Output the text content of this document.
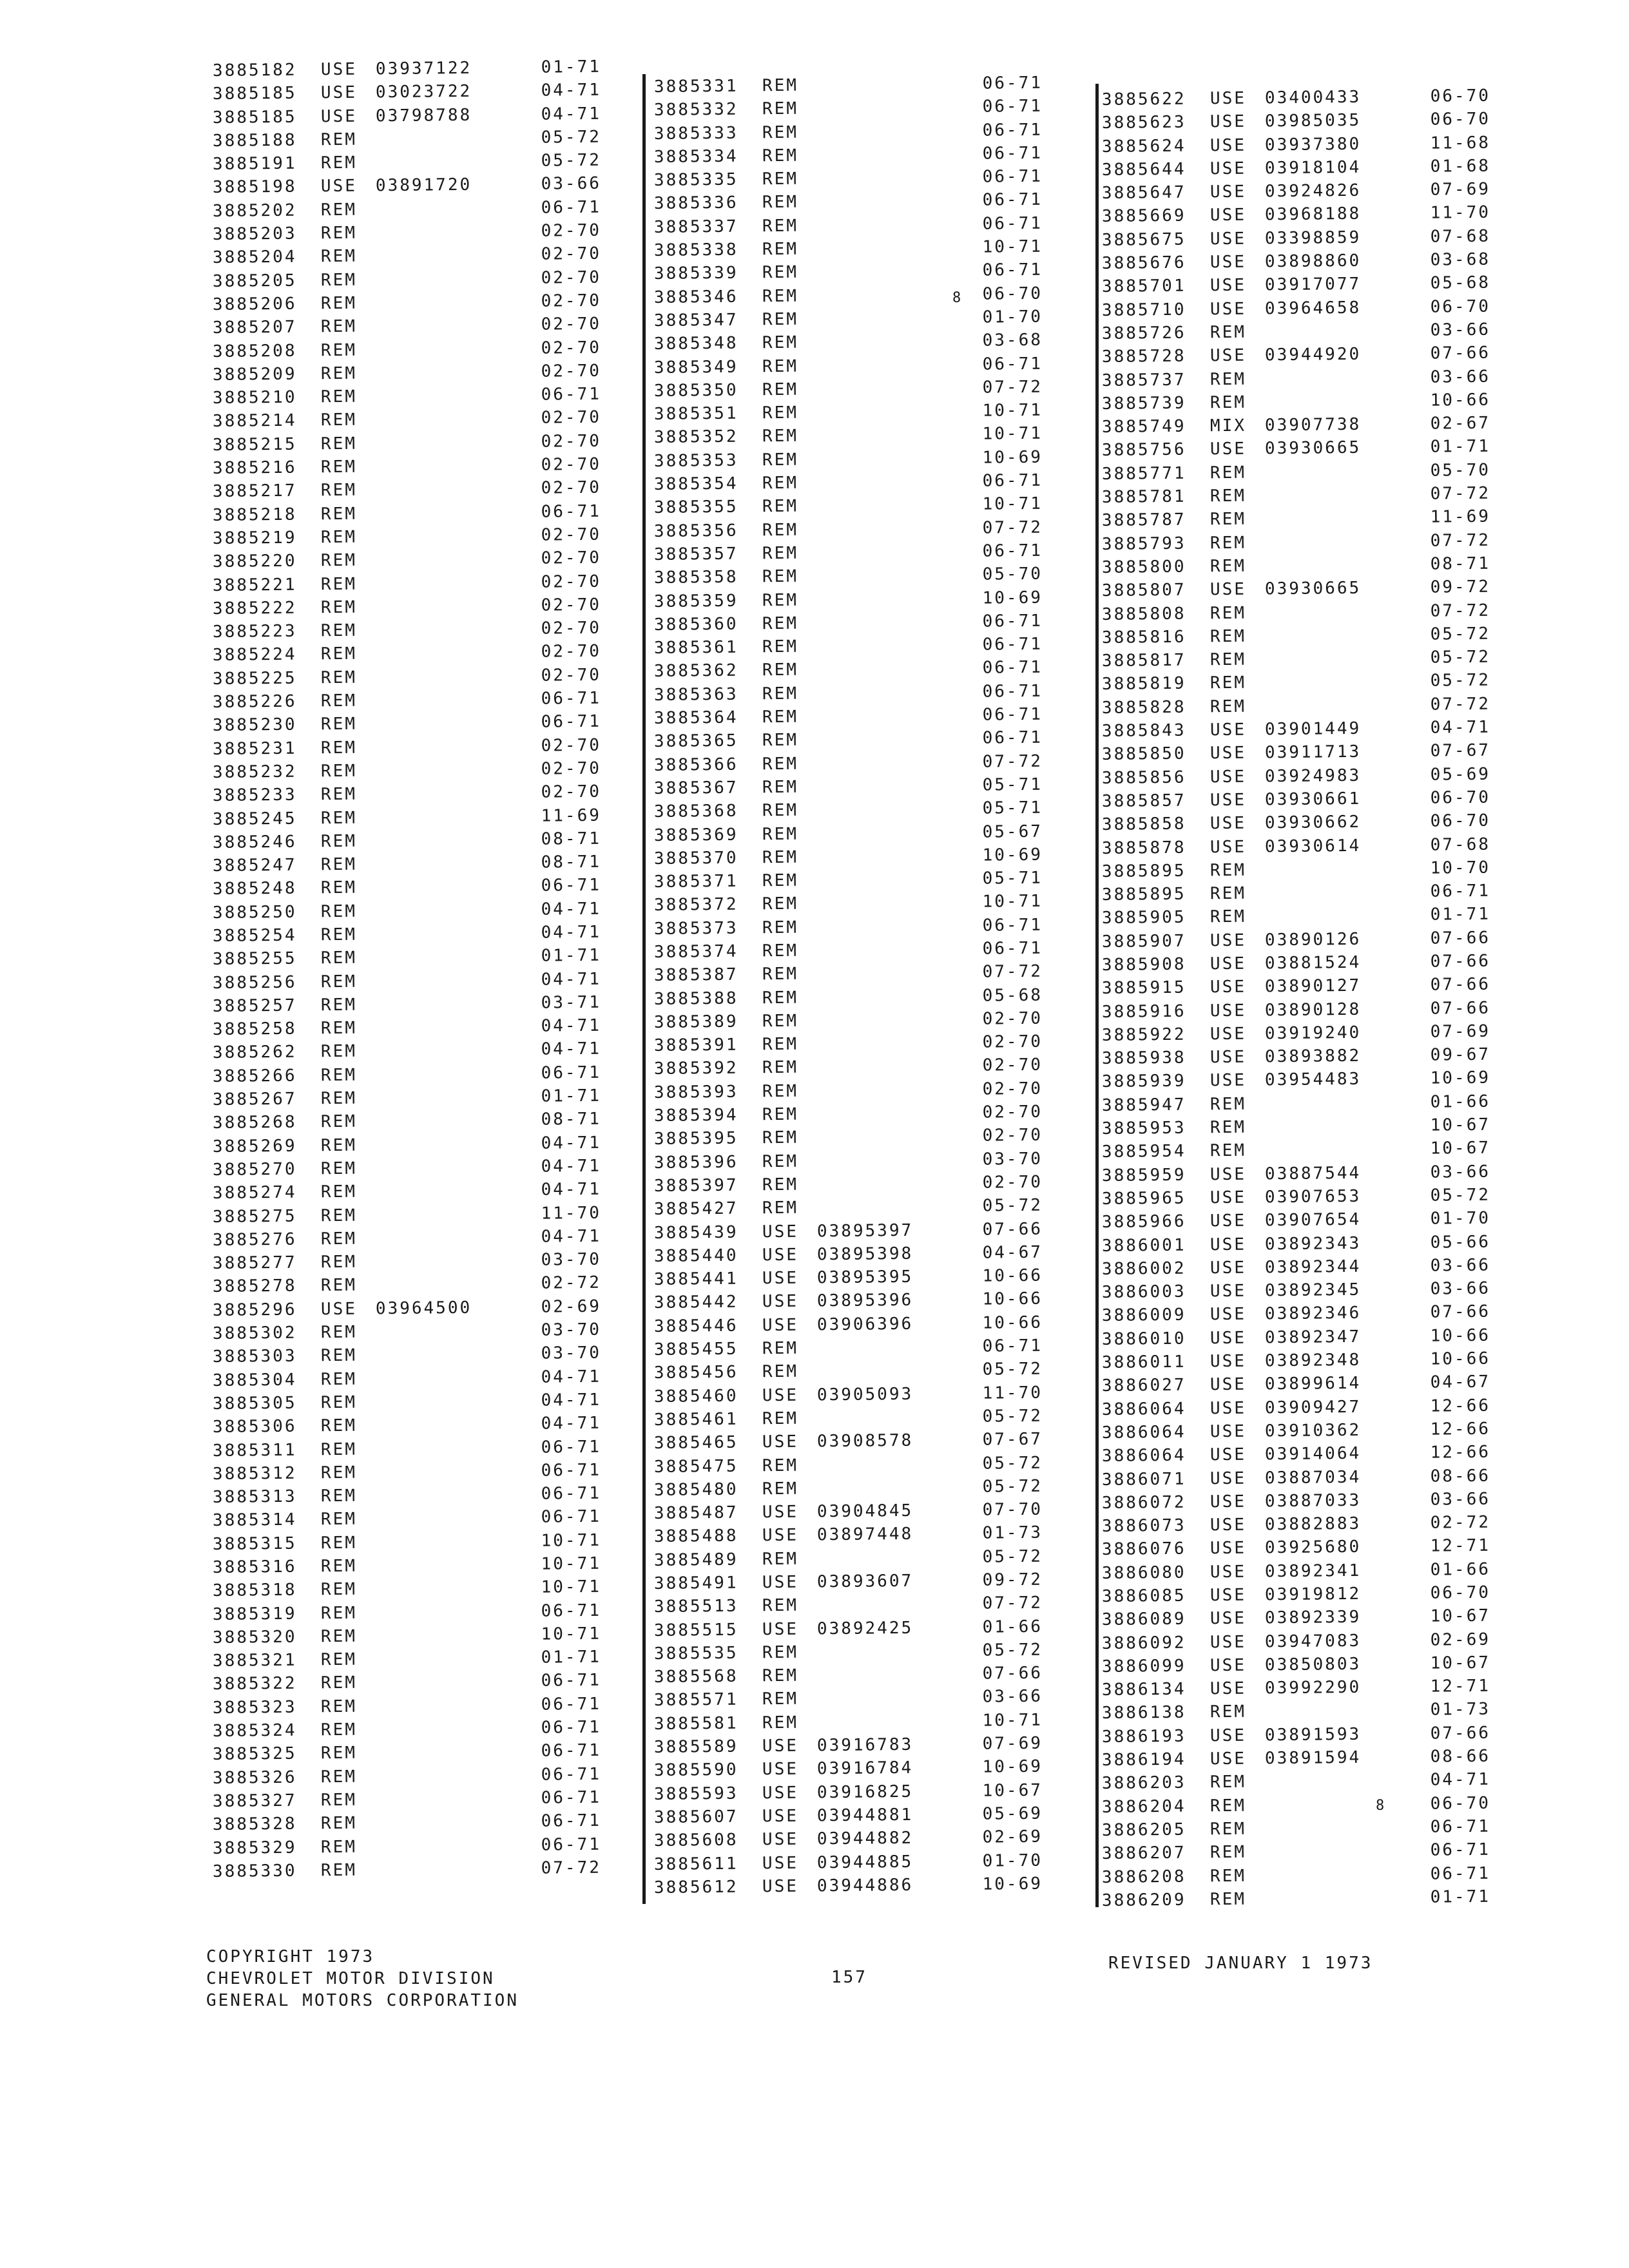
3885182	USE	03937122	01-71
3885185	USE	03023722	04-71
3885185	USE	03798788	04-71
3885188	REM	05-72
3885191	REM	05-72
3885198	USE	03891720	03-66
3885202	REM	06-71
3885203	REM	02-70
3885204	REM	02-70
3885205	REM	02-70
3885206	REM	02-70
3885207	REM	02-70
3885208	REM	02-70
3885209	REM	02-70
3885210	REM	06-71
3885214	REM	02-70
3885215	REM	02-70
3885216	REM	02-70
3885217	REM	02-70
3885218	REM	06-71
3885219	REM	02-70
3885220	REM	02-70
3885221	REM	02-70
3885222	REM	02-70
3885223	REM	02-70
3885224	REM	02-70
3885225	REM	02-70
3885226	REM	06-71
3885230	REM	06-71
3885231	REM	02-70
3885232	REM	02-70
3885233	REM	02-70
3885245	REM	11-69
3885246	REM	08-71
3885247	REM	08-71
3885248	REM	06-71
3885250	REM	04-71
3885254	REM	04-71
3885255	REM	01-71
3885256	REM	04-71
3885257	REM	03-71
3885258	REM	04-71
3885262	REM	04-71
3885266	REM	06-71
3885267	REM	01-71
3885268	REM	08-71
3885269	REM	04-71
3885270	REM	04-71
3885274	REM	04-71
3885275	REM	11-70
3885276	REM	04-71
3885277	REM	03-70
3885278	REM	02-72
3885296	USE	03964500	02-69
3885302	REM	03-70
3885303	REM	03-70
3885304	REM	04-71
3885305	REM	04-71
3885306	REM	04-71
3885311	REM	06-71
3885312	REM	06-71
3885313	REM	06-71
3885314	REM	06-71
3885315	REM	10-71
3885316	REM	10-71
3885318	REM	10-71
3885319	REM	06-71
3885320	REM	10-71
3885321	REM	01-71
3885322	REM	06-71
3885323	REM	06-71
3885324	REM	06-71
3885325	REM	06-71
3885326	REM	06-71
3885327	REM	06-71
3885328	REM	06-71
3885329	REM	06-71
3885330	REM	07-72
3885331	REM	06-71
3885332	REM	06-71
3885333	REM	06-71
3885334	REM	06-71
3885335	REM	06-71
3885336	REM	06-71
3885337	REM	06-71
3885338	REM	10-71
3885339	REM	06-71
3885346	REM	06-70
3885347	REM	01-70
3885348	REM	03-68
3885349	REM	06-71
3885350	REM	07-72
3885351	REM	10-71
3885352	REM	10-71
3885353	REM	10-69
3885354	REM	06-71
3885355	REM	10-71
3885356	REM	07-72
3885357	REM	06-71
3885358	REM	05-70
3885359	REM	10-69
3885360	REM	06-71
3885361	REM	06-71
3885362	REM	06-71
3885363	REM	06-71
3885364	REM	06-71
3885365	REM	06-71
3885366	REM	07-72
3885367	REM	05-71
3885368	REM	05-71
3885369	REM	05-67
3885370	REM	10-69
3885371	REM	05-71
3885372	REM	10-71
3885373	REM	06-71
3885374	REM	06-71
3885387	REM	07-72
3885388	REM	05-68
3885389	REM	02-70
3885391	REM	02-70
3885392	REM	02-70
3885393	REM	02-70
3885394	REM	02-70
3885395	REM	02-70
3885396	REM	03-70
3885397	REM	02-70
3885427	REM	05-72
3885439	USE	03895397	07-66
3885440	USE	03895398	04-67
3885441	USE	03895395	10-66
3885442	USE	03895396	10-66
3885446	USE	03906396	10-66
3885455	REM	06-71
3885456	REM	05-72
3885460	USE	03905093	11-70
3885461	REM	05-72
3885465	USE	03908578	07-67
3885475	REM	05-72
3885480	REM	05-72
3885487	USE	03904845	07-70
3885488	USE	03897448	01-73
3885489	REM	05-72
3885491	USE	03893607	09-72
3885513	REM	07-72
3885515	USE	03892425	01-66
3885535	REM	05-72
3885568	REM	07-66
3885571	REM	03-66
3885581	REM	10-71
3885589	USE	03916783	07-69
3885590	USE	03916784	10-69
3885593	USE	03916825	10-67
3885607	USE	03944881	05-69
3885608	USE	03944882	02-69
3885611	USE	03944885	01-70
3885612	USE	03944886	10-69
3885622	USE	03400433	06-70
3885623	USE	03985035	06-70
3885624	USE	03937380	11-68
3885644	USE	03918104	01-68
3885647	USE	03924826	07-69
3885669	USE	03968188	11-70
3885675	USE	03398859	07-68
3885676	USE	03898860	03-68
3885701	USE	03917077	05-68
3885710	USE	03964658	06-70
3885726	REM	03-66
3885728	USE	03944920	07-66
3885737	REM	03-66
3885739	REM	10-66
3885749	MIX	03907738	02-67
3885756	USE	03930665	01-71
3885771	REM	05-70
3885781	REM	07-72
3885787	REM	11-69
3885793	REM	07-72
3885800	REM	08-71
3885807	USE	03930665	09-72
3885808	REM	07-72
3885816	REM	05-72
3885817	REM	05-72
3885819	REM	05-72
3885828	REM	07-72
3885843	USE	03901449	04-71
3885850	USE	03911713	07-67
3885856	USE	03924983	05-69
3885857	USE	03930661	06-70
3885858	USE	03930662	06-70
3885878	USE	03930614	07-68
3885895	REM	10-70
3885895	REM	06-71
3885905	REM	01-71
3885907	USE	03890126	07-66
3885908	USE	03881524	07-66
3885915	USE	03890127	07-66
3885916	USE	03890128	07-66
3885922	USE	03919240	07-69
3885938	USE	03893882	09-67
3885939	USE	03954483	10-69
3885947	REM	01-66
3885953	REM	10-67
3885954	REM	10-67
3885959	USE	03887544	03-66
3885965	USE	03907653	05-72
3885966	USE	03907654	01-70
3886001	USE	03892343	05-66
3886002	USE	03892344	03-66
3886003	USE	03892345	03-66
3886009	USE	03892346	07-66
3886010	USE	03892347	10-66
3886011	USE	03892348	10-66
3886027	USE	03899614	04-67
3886064	USE	03909427	12-66
3886064	USE	03910362	12-66
3886064	USE	03914064	12-66
3886071	USE	03887034	08-66
3886072	USE	03887033	03-66
3886073	USE	03882883	02-72
3886076	USE	03925680	12-71
3886080	USE	03892341	01-66
3886085	USE	03919812	06-70
3886089	USE	03892339	10-67
3886092	USE	03947083	02-69
3886099	USE	03850803	10-67
3886134	USE	03992290	12-71
3886138	REM	01-73
3886193	USE	03891593	07-66
3886194	USE	03891594	08-66
3886203	REM	04-71
3886204	REM	06-70
3886205	REM	06-71
3886207	REM	06-71
3886208	REM	06-71
3886209	REM	01-71
8
8
COPYRIGHT 1973
CHEVROLET MOTOR DIVISION
GENERAL MOTORS CORPORATION
157
REVISED JANUARY 1 1973
